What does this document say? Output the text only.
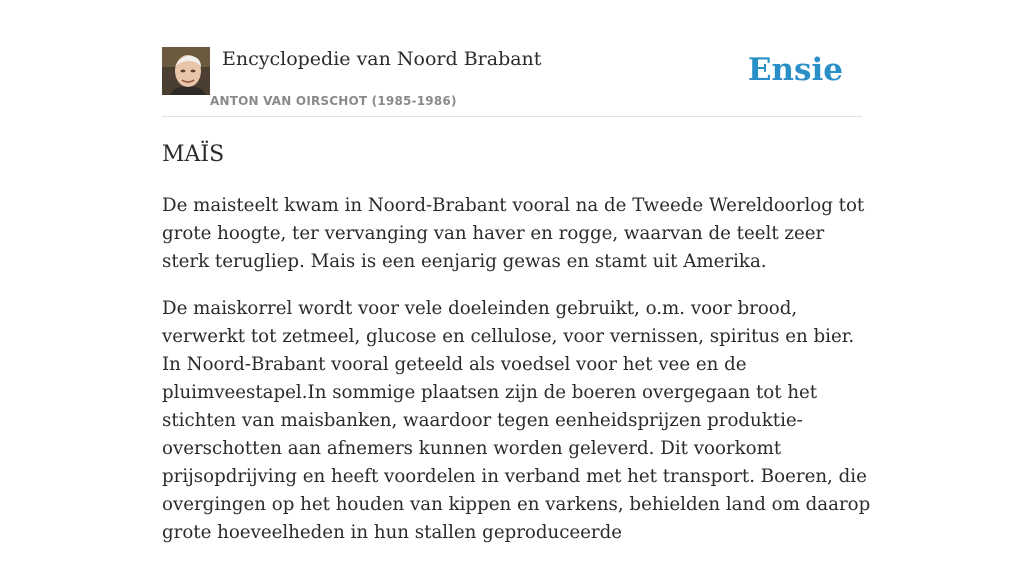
Encyclopedie van Noord Brabant
ANTON VAN OIRSCHOT (1985-1986)
Ensie
MAÏS

De maisteelt kwam in Noord-Brabant vooral na de Tweede Wereldoorlog tot grote hoogte, ter vervanging van haver en rogge, waarvan de teelt zeer sterk terugliep. Mais is een eenjarig gewas en stamt uit Amerika.

De maiskorrel wordt voor vele doeleinden gebruikt, o.m. voor brood, verwerkt tot zetmeel, glucose en cellulose, voor vernissen, spiritus en bier. In Noord-Brabant vooral geteeld als voedsel voor het vee en de pluimveestapel.In sommige plaatsen zijn de boeren overgegaan tot het stichten van maisbanken, waardoor tegen eenheidsprijzen produktie-overschotten aan afnemers kunnen worden geleverd. Dit voorkomt prijsopdrijving en heeft voordelen in verband met het transport. Boeren, die overgingen op het houden van kippen en varkens, behielden land om daarop grote hoeveelheden in hun stallen geproduceerde
